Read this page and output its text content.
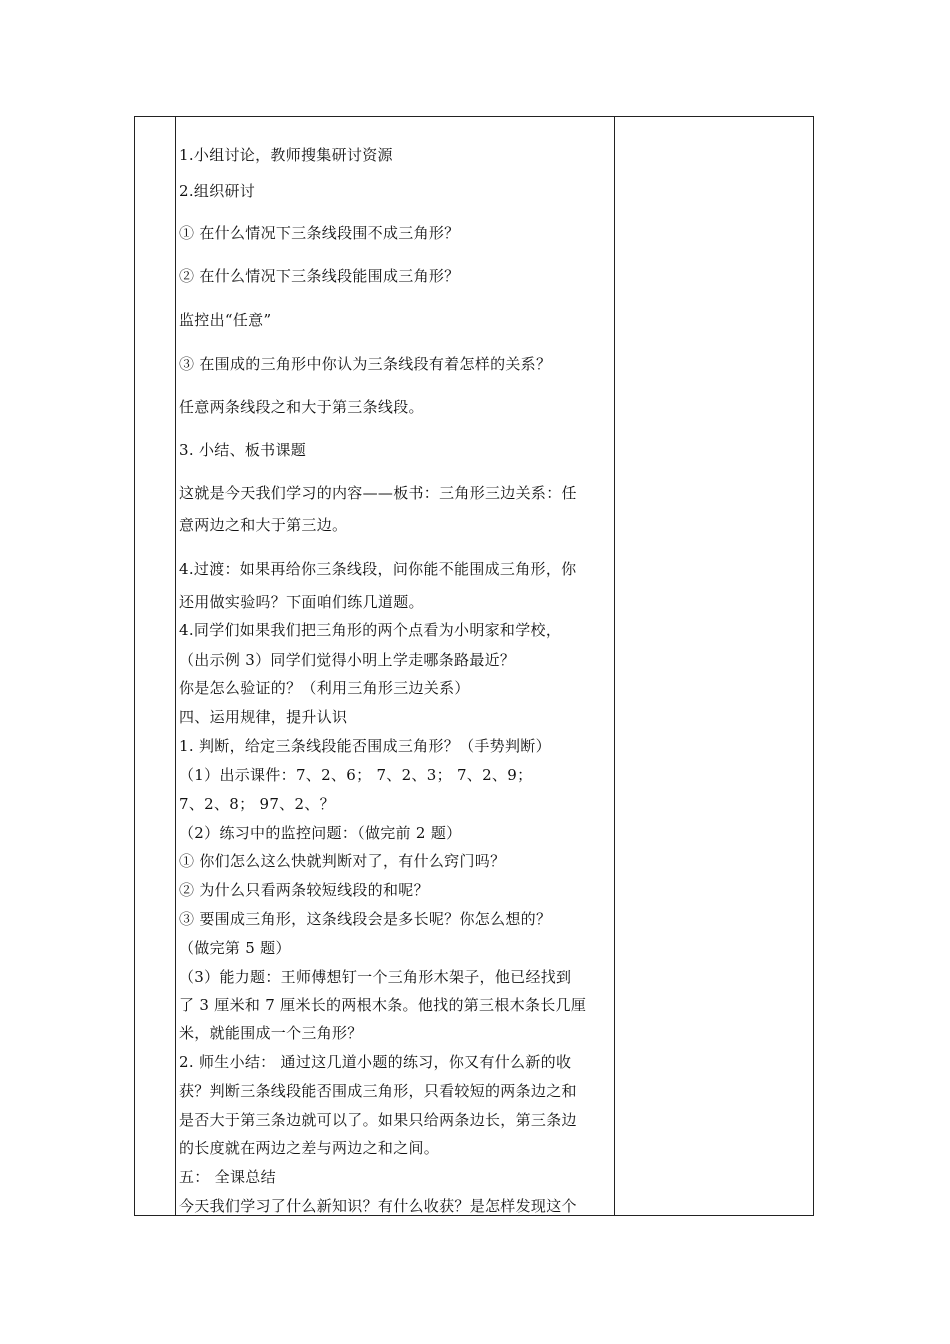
1.小组讨论，教师搜集研讨资源
2.组织研讨
① 在什么情况下三条线段围不成三角形？
② 在什么情况下三条线段能围成三角形？
监控出“任意”
③ 在围成的三角形中你认为三条线段有着怎样的关系？
任意两条线段之和大于第三条线段。
3. 小结、板书课题
这就是今天我们学习的内容——板书：三角形三边关系：任
意两边之和大于第三边。
4.过渡：如果再给你三条线段，问你能不能围成三角形，你
还用做实验吗？下面咱们练几道题。
4.同学们如果我们把三角形的两个点看为小明家和学校，
（出示例 3）同学们觉得小明上学走哪条路最近？
你是怎么验证的？（利用三角形三边关系）
四、运用规律，提升认识
1. 判断，给定三条线段能否围成三角形？（手势判断）
（1）出示课件：7、2、6； 7、2、3； 7、2、9；
7、2、8； 97、2、？
（2）练习中的监控问题：（做完前 2 题）
① 你们怎么这么快就判断对了，有什么窍门吗？
② 为什么只看两条较短线段的和呢？
③ 要围成三角形，这条线段会是多长呢？你怎么想的？
（做完第 5 题）
（3）能力题：王师傅想钉一个三角形木架子，他已经找到
了 3 厘米和 7 厘米长的两根木条。他找的第三根木条长几厘
米，就能围成一个三角形？
2. 师生小结： 通过这几道小题的练习，你又有什么新的收
获？判断三条线段能否围成三角形，只看较短的两条边之和
是否大于第三条边就可以了。如果只给两条边长，第三条边
的长度就在两边之差与两边之和之间。
五： 全课总结
今天我们学习了什么新知识？有什么收获？是怎样发现这个
